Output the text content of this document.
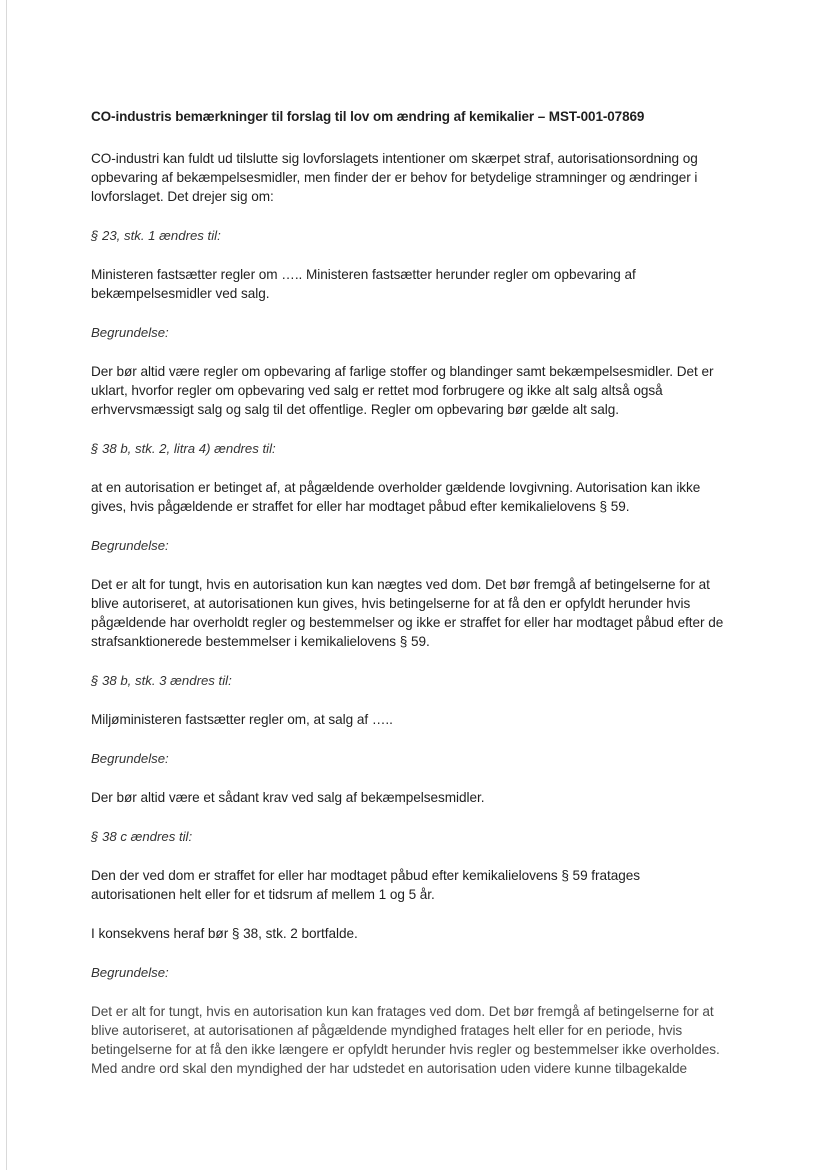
CO-industris bemærkninger til forslag til lov om ændring af kemikalier – MST-001-07869
CO-industri kan fuldt ud tilslutte sig lovforslagets intentioner om skærpet straf, autorisationsordning og
opbevaring af bekæmpelsesmidler, men finder der er behov for betydelige stramninger og ændringer i
lovforslaget. Det drejer sig om:
§ 23, stk. 1 ændres til:
Ministeren fastsætter regler om ….. Ministeren fastsætter herunder regler om opbevaring af
bekæmpelsesmidler ved salg.
Begrundelse:
Der bør altid være regler om opbevaring af farlige stoffer og blandinger samt bekæmpelsesmidler. Det er
uklart, hvorfor regler om opbevaring ved salg er rettet mod forbrugere og ikke alt salg altså også
erhvervsmæssigt salg og salg til det offentlige. Regler om opbevaring bør gælde alt salg.
§ 38 b, stk. 2, litra 4) ændres til:
at en autorisation er betinget af, at pågældende overholder gældende lovgivning. Autorisation kan ikke
gives, hvis pågældende er straffet for eller har modtaget påbud efter kemikalielovens § 59.
Begrundelse:
Det er alt for tungt, hvis en autorisation kun kan nægtes ved dom. Det bør fremgå af betingelserne for at
blive autoriseret, at autorisationen kun gives, hvis betingelserne for at få den er opfyldt herunder hvis
pågældende har overholdt regler og bestemmelser og ikke er straffet for eller har modtaget påbud efter de
strafsanktionerede bestemmelser i kemikalielovens § 59.
§ 38 b, stk. 3 ændres til:
Miljøministeren fastsætter regler om, at salg af …..
Begrundelse:
Der bør altid være et sådant krav ved salg af bekæmpelsesmidler.
§ 38 c ændres til:
Den der ved dom er straffet for eller har modtaget påbud efter kemikalielovens § 59 fratages
autorisationen helt eller for et tidsrum af mellem 1 og 5 år.
I konsekvens heraf bør § 38, stk. 2 bortfalde.
Begrundelse:
Det er alt for tungt, hvis en autorisation kun kan fratages ved dom. Det bør fremgå af betingelserne for at
blive autoriseret, at autorisationen af pågældende myndighed fratages helt eller for en periode, hvis
betingelserne for at få den ikke længere er opfyldt herunder hvis regler og bestemmelser ikke overholdes.
Med andre ord skal den myndighed der har udstedet en autorisation uden videre kunne tilbagekalde
